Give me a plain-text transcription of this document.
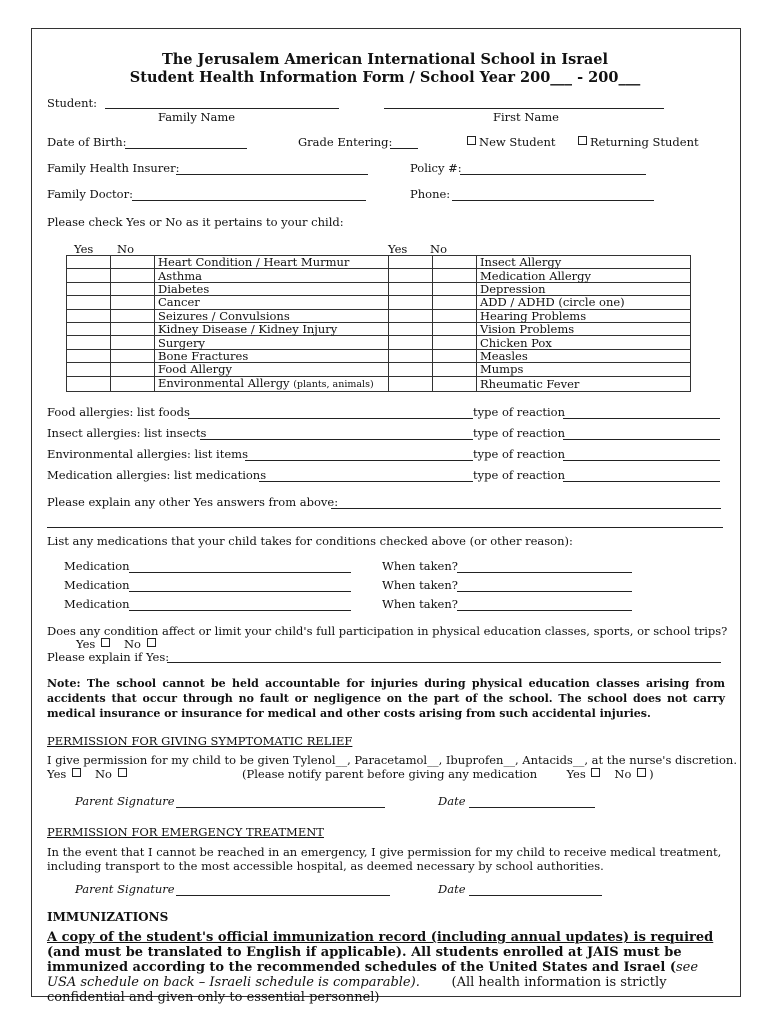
The Jerusalem American International School in Israel
Student Health Information Form / School Year 200___ - 200___
Student:
Family Name	First Name
Date of Birth:	Grade Entering:	New Student	Returning Student
Family Health Insurer:	Policy #:
Family Doctor:	Phone:
Please check Yes or No as it pertains to your child:
Yes No	Yes No
		Heart Condition / Heart Murmur			Insect Allergy
		Asthma			Medication Allergy
		Diabetes			Depression
		Cancer			ADD / ADHD (circle one)
		Seizures / Convulsions			Hearing Problems
		Kidney Disease / Kidney Injury			Vision Problems
		Surgery			Chicken Pox
		Bone Fractures			Measles
		Food Allergy			Mumps
		Environmental Allergy (plants, animals)			Rheumatic Fever
Food allergies: list foods	type of reaction
Insect allergies: list insects	type of reaction
Environmental allergies: list items	type of reaction
Medication allergies: list medications	type of reaction
Please explain any other Yes answers from above:
List any medications that your child takes for conditions checked above (or other reason):
Medication	When taken?
Medication	When taken?
Medication	When taken?
Does any condition affect or limit your child's full participation in physical education classes, sports, or school trips?
Yes No
Please explain if Yes:
Note: The school cannot be held accountable for injuries during physical education classes arising from accidents that occur through no fault or negligence on the part of the school. The school does not carry medical insurance or insurance for medical and other costs arising from such accidental injuries.
PERMISSION FOR GIVING SYMPTOMATIC RELIEF
I give permission for my child to be given Tylenol__, Paracetamol__, Ibuprofen__, Antacids__, at the nurse's discretion.
Yes No	(Please notify parent before giving any medication	Yes No )
Parent Signature	Date
PERMISSION FOR EMERGENCY TREATMENT
In the event that I cannot be reached in an emergency, I give permission for my child to receive medical treatment, including transport to the most accessible hospital, as deemed necessary by school authorities.
Parent Signature	Date
IMMUNIZATIONS
A copy of the student's official immunization record (including annual updates) is required (and must be translated to English if applicable). All students enrolled at JAIS must be immunized according to the recommended schedules of the United States and Israel (see USA schedule on back – Israeli schedule is comparable). (All health information is strictly confidential and given only to essential personnel)
